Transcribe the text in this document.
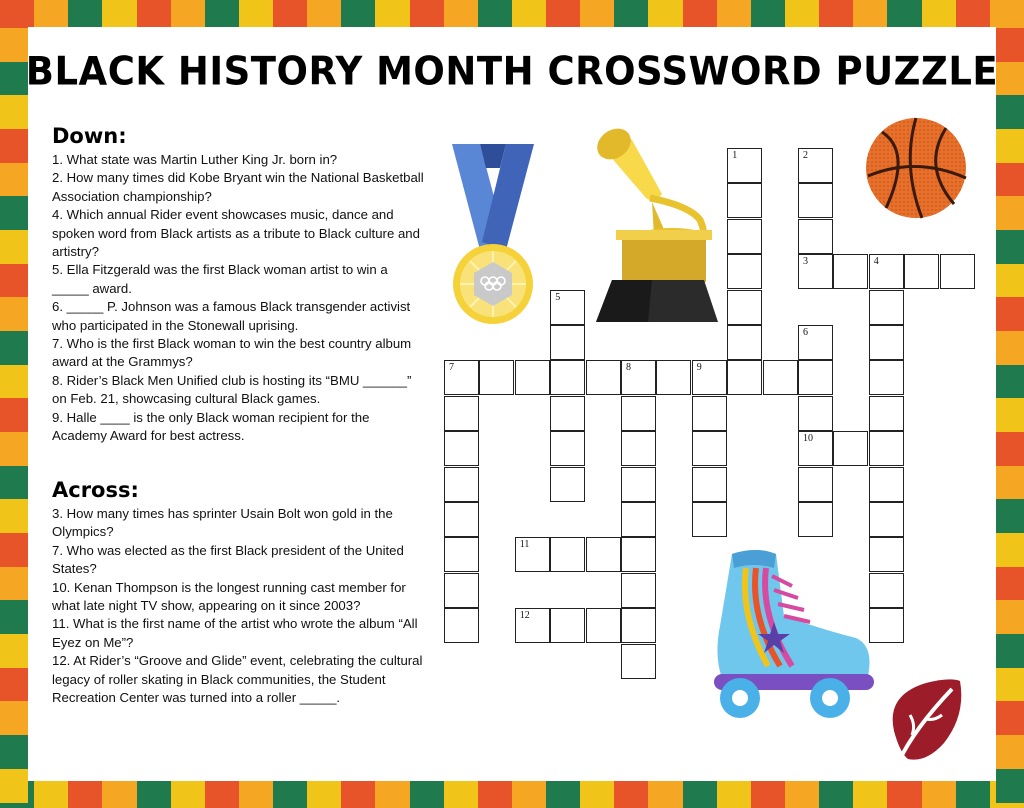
BLACK HISTORY MONTH CROSSWORD PUZZLE

Down:

1. What state was Martin Luther King Jr. born in?
2. How many times did Kobe Bryant win the National Basketball Association championship?
4. Which annual Rider event showcases music, dance and spoken word from Black artists as a tribute to Black culture and artistry?
5. Ella Fitzgerald was the first Black woman artist to win a _____ award.
6. _____ P. Johnson was a famous Black transgender activist who participated in the Stonewall uprising.
7. Who is the first Black woman to win the best country album award at the Grammys?
8. Rider’s Black Men Unified club is hosting its “BMU ______” on Feb. 21, showcasing cultural Black games.
9. Halle ____ is the only Black woman recipient for the Academy Award for best actress.

Across:

3. How many times has sprinter Usain Bolt won gold in the Olympics?
7. Who was elected as the first Black president of the United States?
10. Kenan Thompson is the longest running cast member for what late night TV show, appearing on it since 2003?
11. What is the first name of the artist who wrote the album “All Eyez on Me”?
12. At Rider’s “Groove and Glide” event, celebrating the cultural legacy of roller skating in Black communities, the Student Recreation Center was turned into a roller _____.
1	2
3	4
5
6
10
7	8	9
11
12
